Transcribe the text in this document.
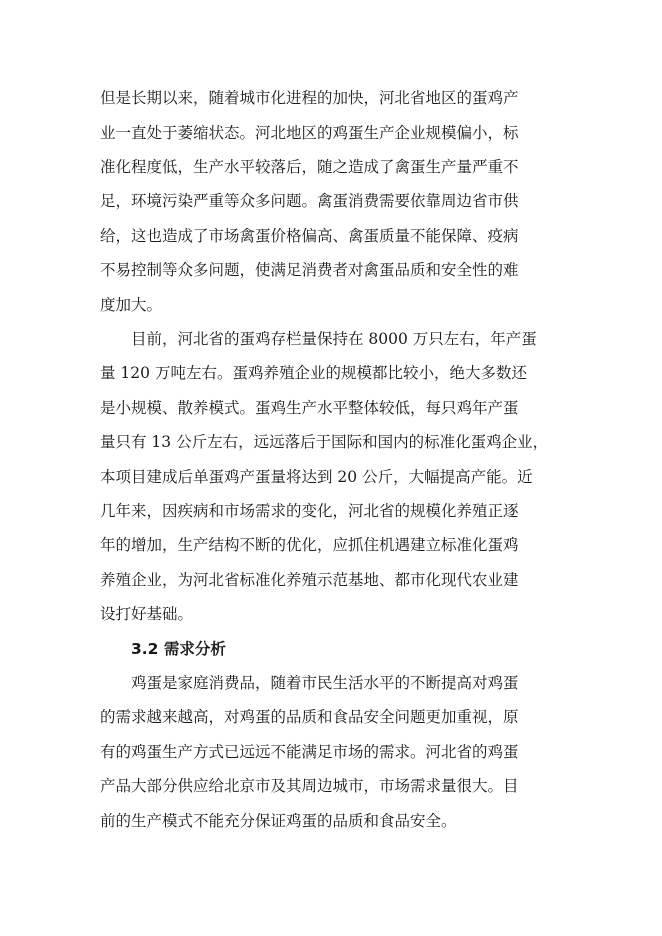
但是长期以来，随着城市化进程的加快，河北省地区的蛋鸡产
业一直处于萎缩状态。河北地区的鸡蛋生产企业规模偏小，标
准化程度低，生产水平较落后，随之造成了禽蛋生产量严重不
足，环境污染严重等众多问题。禽蛋消费需要依靠周边省市供
给，这也造成了市场禽蛋价格偏高、禽蛋质量不能保障、疫病
不易控制等众多问题，使满足消费者对禽蛋品质和安全性的难
度加大。
目前，河北省的蛋鸡存栏量保持在 8000 万只左右，年产蛋
量 120 万吨左右。蛋鸡养殖企业的规模都比较小，绝大多数还
是小规模、散养模式。蛋鸡生产水平整体较低，每只鸡年产蛋
量只有 13 公斤左右，远远落后于国际和国内的标准化蛋鸡企业，
本项目建成后单蛋鸡产蛋量将达到 20 公斤，大幅提高产能。近
几年来，因疾病和市场需求的变化，河北省的规模化养殖正逐
年的增加，生产结构不断的优化，应抓住机遇建立标准化蛋鸡
养殖企业，为河北省标准化养殖示范基地、都市化现代农业建
设打好基础。
3.2 需求分析
鸡蛋是家庭消费品，随着市民生活水平的不断提高对鸡蛋
的需求越来越高，对鸡蛋的品质和食品安全问题更加重视，原
有的鸡蛋生产方式已远远不能满足市场的需求。河北省的鸡蛋
产品大部分供应给北京市及其周边城市，市场需求量很大。目
前的生产模式不能充分保证鸡蛋的品质和食品安全。
